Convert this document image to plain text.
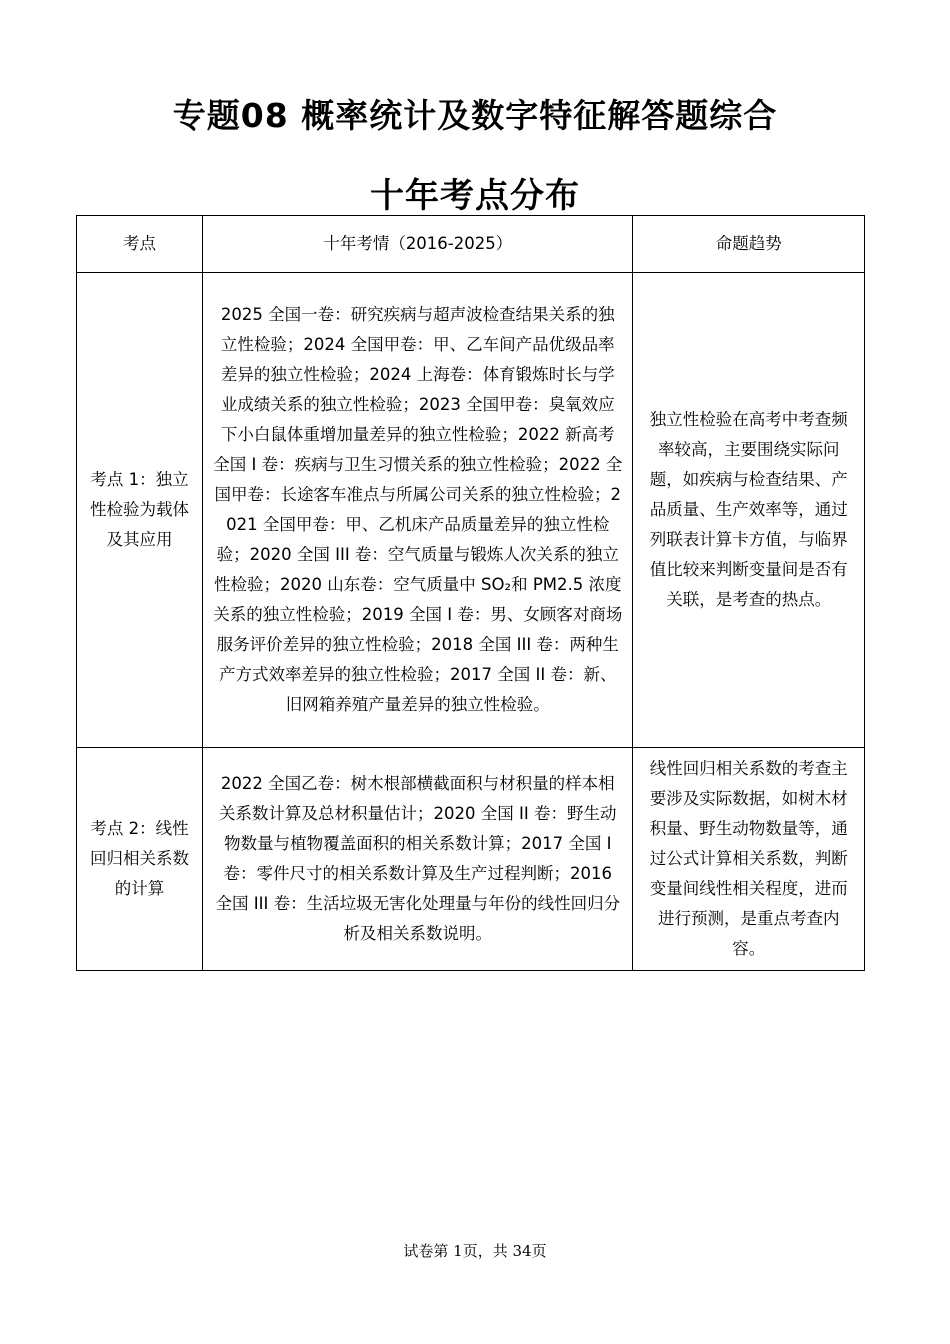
专题08 概率统计及数字特征解答题综合
十年考点分布
考点	十年考情（2016-2025）	命题趋势
考点 1：独立性检验为载体及其应用	2025 全国一卷：研究疾病与超声波检查结果关系的独立性检验；2024 全国甲卷：甲、乙车间产品优级品率差异的独立性检验；2024 上海卷：体育锻炼时长与学业成绩关系的独立性检验；2023 全国甲卷：臭氧效应下小白鼠体重增加量差异的独立性检验；2022 新高考全国 Ⅰ 卷：疾病与卫生习惯关系的独立性检验；2022 全国甲卷：长途客车准点与所属公司关系的独立性检验；2021 全国甲卷：甲、乙机床产品质量差异的独立性检验；2020 全国 III 卷：空气质量与锻炼人次关系的独立性检验；2020 山东卷：空气质量中 SO₂和 PM2.5 浓度关系的独立性检验；2019 全国 I 卷：男、女顾客对商场服务评价差异的独立性检验；2018 全国 III 卷：两种生产方式效率差异的独立性检验；2017 全国 II 卷：新、旧网箱养殖产量差异的独立性检验。	独立性检验在高考中考查频率较高，主要围绕实际问题，如疾病与检查结果、产品质量、生产效率等，通过列联表计算卡方值，与临界值比较来判断变量间是否有关联，是考查的热点。
考点 2：线性回归相关系数的计算	2022 全国乙卷：树木根部横截面积与材积量的样本相关系数计算及总材积量估计；2020 全国 II 卷：野生动物数量与植物覆盖面积的相关系数计算；2017 全国 I 卷：零件尺寸的相关系数计算及生产过程判断；2016 全国 III 卷：生活垃圾无害化处理量与年份的线性回归分析及相关系数说明。	线性回归相关系数的考查主要涉及实际数据，如树木材积量、野生动物数量等，通过公式计算相关系数，判断变量间线性相关程度，进而进行预测，是重点考查内容。
试卷第 1页，共 34页
